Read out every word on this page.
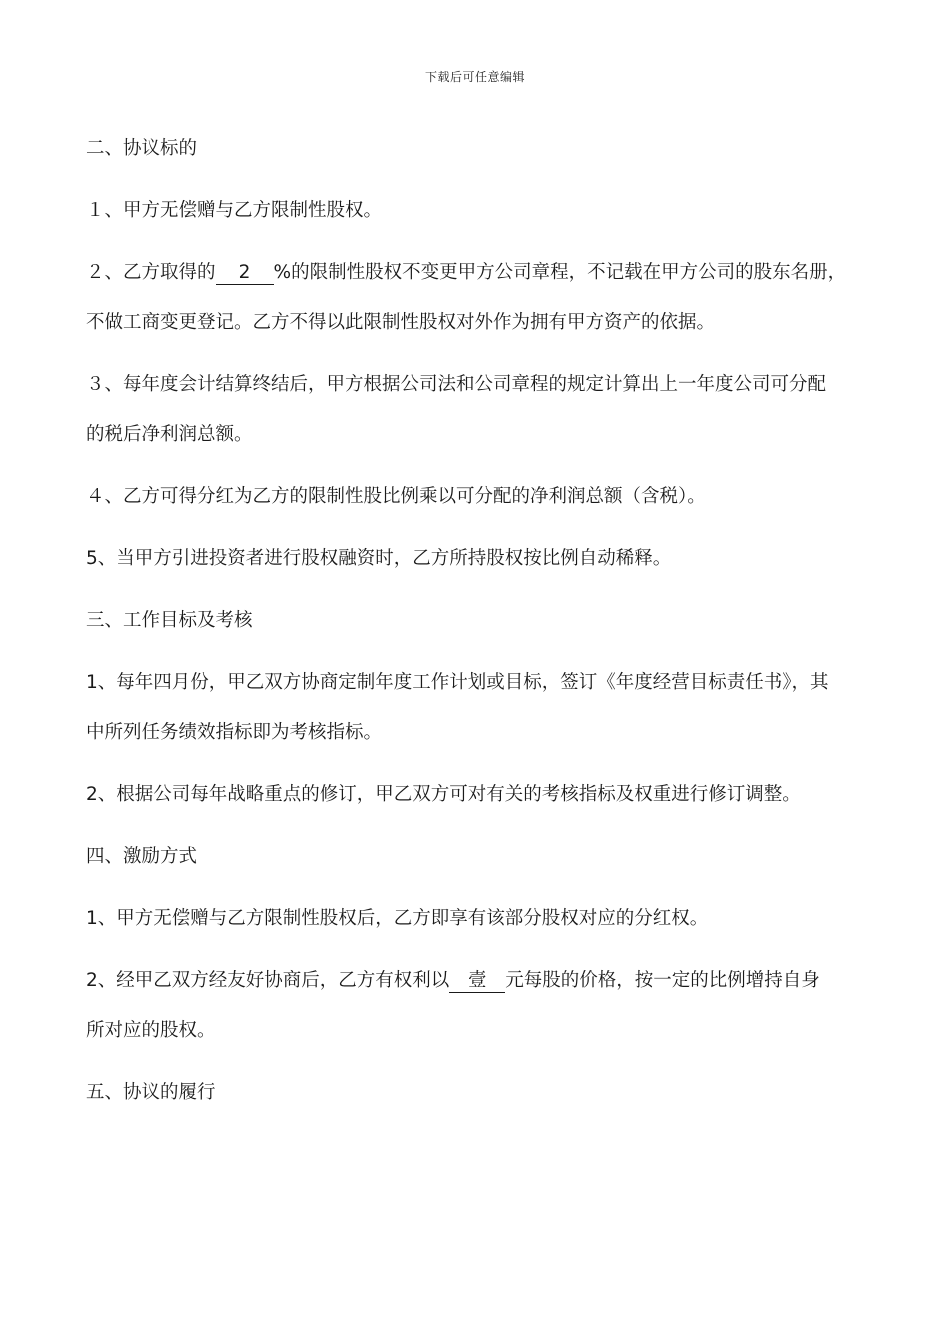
下载后可任意编辑

二、协议标的

１、甲方无偿赠与乙方限制性股权。

２、乙方取得的 2 %的限制性股权不变更甲方公司章程，不记载在甲方公司的股东名册，

不做工商变更登记。乙方不得以此限制性股权对外作为拥有甲方资产的依据。

３、每年度会计结算终结后，甲方根据公司法和公司章程的规定计算出上一年度公司可分配

的税后净利润总额。

４、乙方可得分红为乙方的限制性股比例乘以可分配的净利润总额（含税）。

5、当甲方引进投资者进行股权融资时，乙方所持股权按比例自动稀释。

三、工作目标及考核

1、每年四月份，甲乙双方协商定制年度工作计划或目标，签订《年度经营目标责任书》，其

中所列任务绩效指标即为考核指标。

2、根据公司每年战略重点的修订，甲乙双方可对有关的考核指标及权重进行修订调整。

四、激励方式

1、甲方无偿赠与乙方限制性股权后，乙方即享有该部分股权对应的分红权。

2、经甲乙双方经友好协商后，乙方有权利以 壹 元每股的价格，按一定的比例增持自身

所对应的股权。

五、协议的履行
